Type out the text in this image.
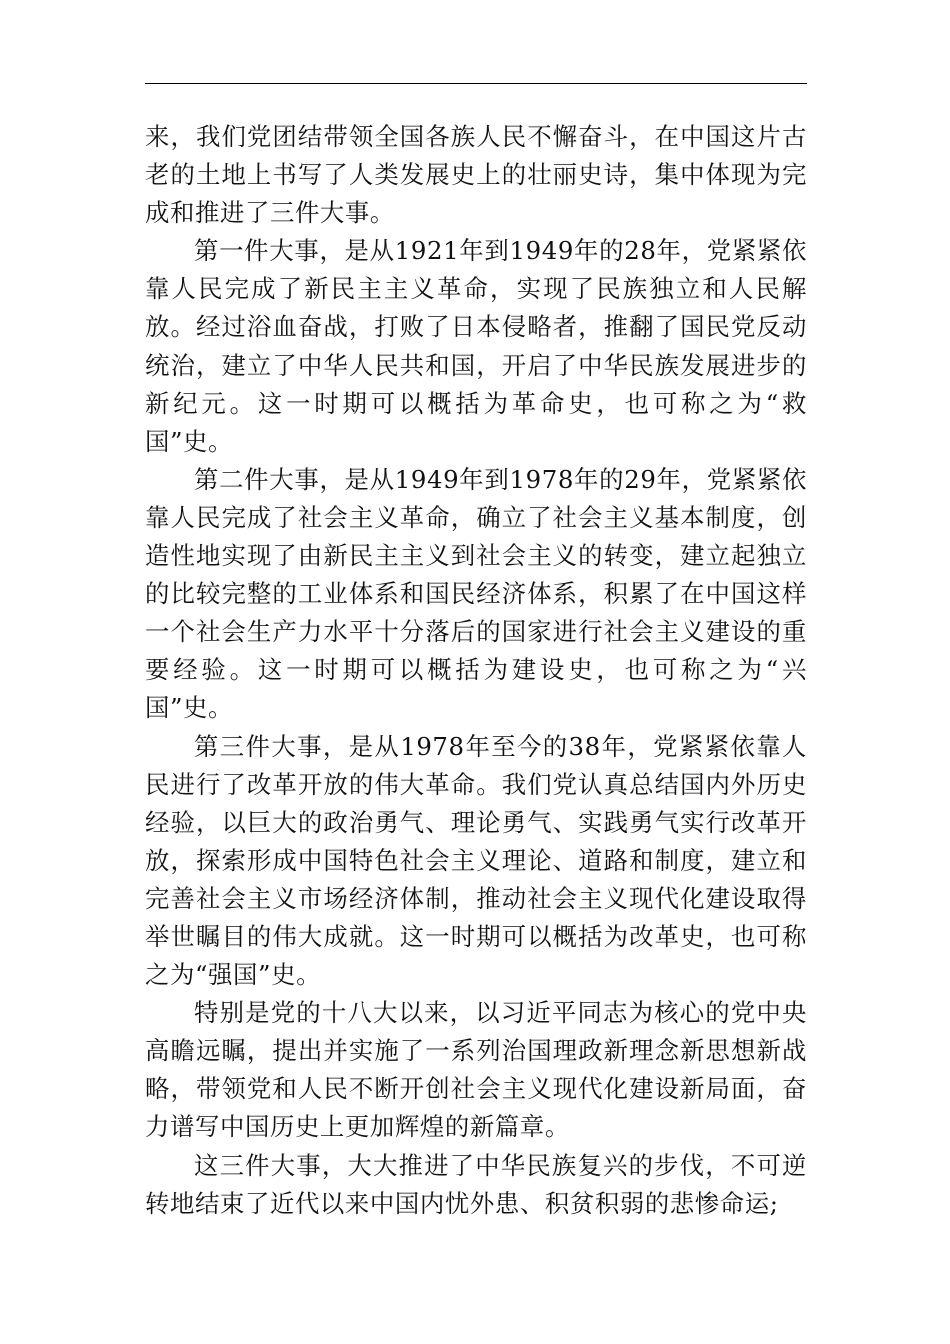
来，我们党团结带领全国各族人民不懈奋斗，在中国这片古老的土地上书写了人类发展史上的壮丽史诗，集中体现为完成和推进了三件大事。

第一件大事，是从1921年到1949年的28年，党紧紧依靠人民完成了新民主主义革命，实现了民族独立和人民解放。经过浴血奋战，打败了日本侵略者，推翻了国民党反动统治，建立了中华人民共和国，开启了中华民族发展进步的新纪元。这一时期可以概括为革命史，也可称之为“救国”史。

第二件大事，是从1949年到1978年的29年，党紧紧依靠人民完成了社会主义革命，确立了社会主义基本制度，创造性地实现了由新民主主义到社会主义的转变，建立起独立的比较完整的工业体系和国民经济体系，积累了在中国这样一个社会生产力水平十分落后的国家进行社会主义建设的重要经验。这一时期可以概括为建设史，也可称之为“兴国”史。

第三件大事，是从1978年至今的38年，党紧紧依靠人民进行了改革开放的伟大革命。我们党认真总结国内外历史经验，以巨大的政治勇气、理论勇气、实践勇气实行改革开放，探索形成中国特色社会主义理论、道路和制度，建立和完善社会主义市场经济体制，推动社会主义现代化建设取得举世瞩目的伟大成就。这一时期可以概括为改革史，也可称之为“强国”史。

特别是党的十八大以来，以习近平同志为核心的党中央高瞻远瞩，提出并实施了一系列治国理政新理念新思想新战略，带领党和人民不断开创社会主义现代化建设新局面，奋力谱写中国历史上更加辉煌的新篇章。

这三件大事，大大推进了中华民族复兴的步伐，不可逆转地结束了近代以来中国内忧外患、积贫积弱的悲惨命运;
